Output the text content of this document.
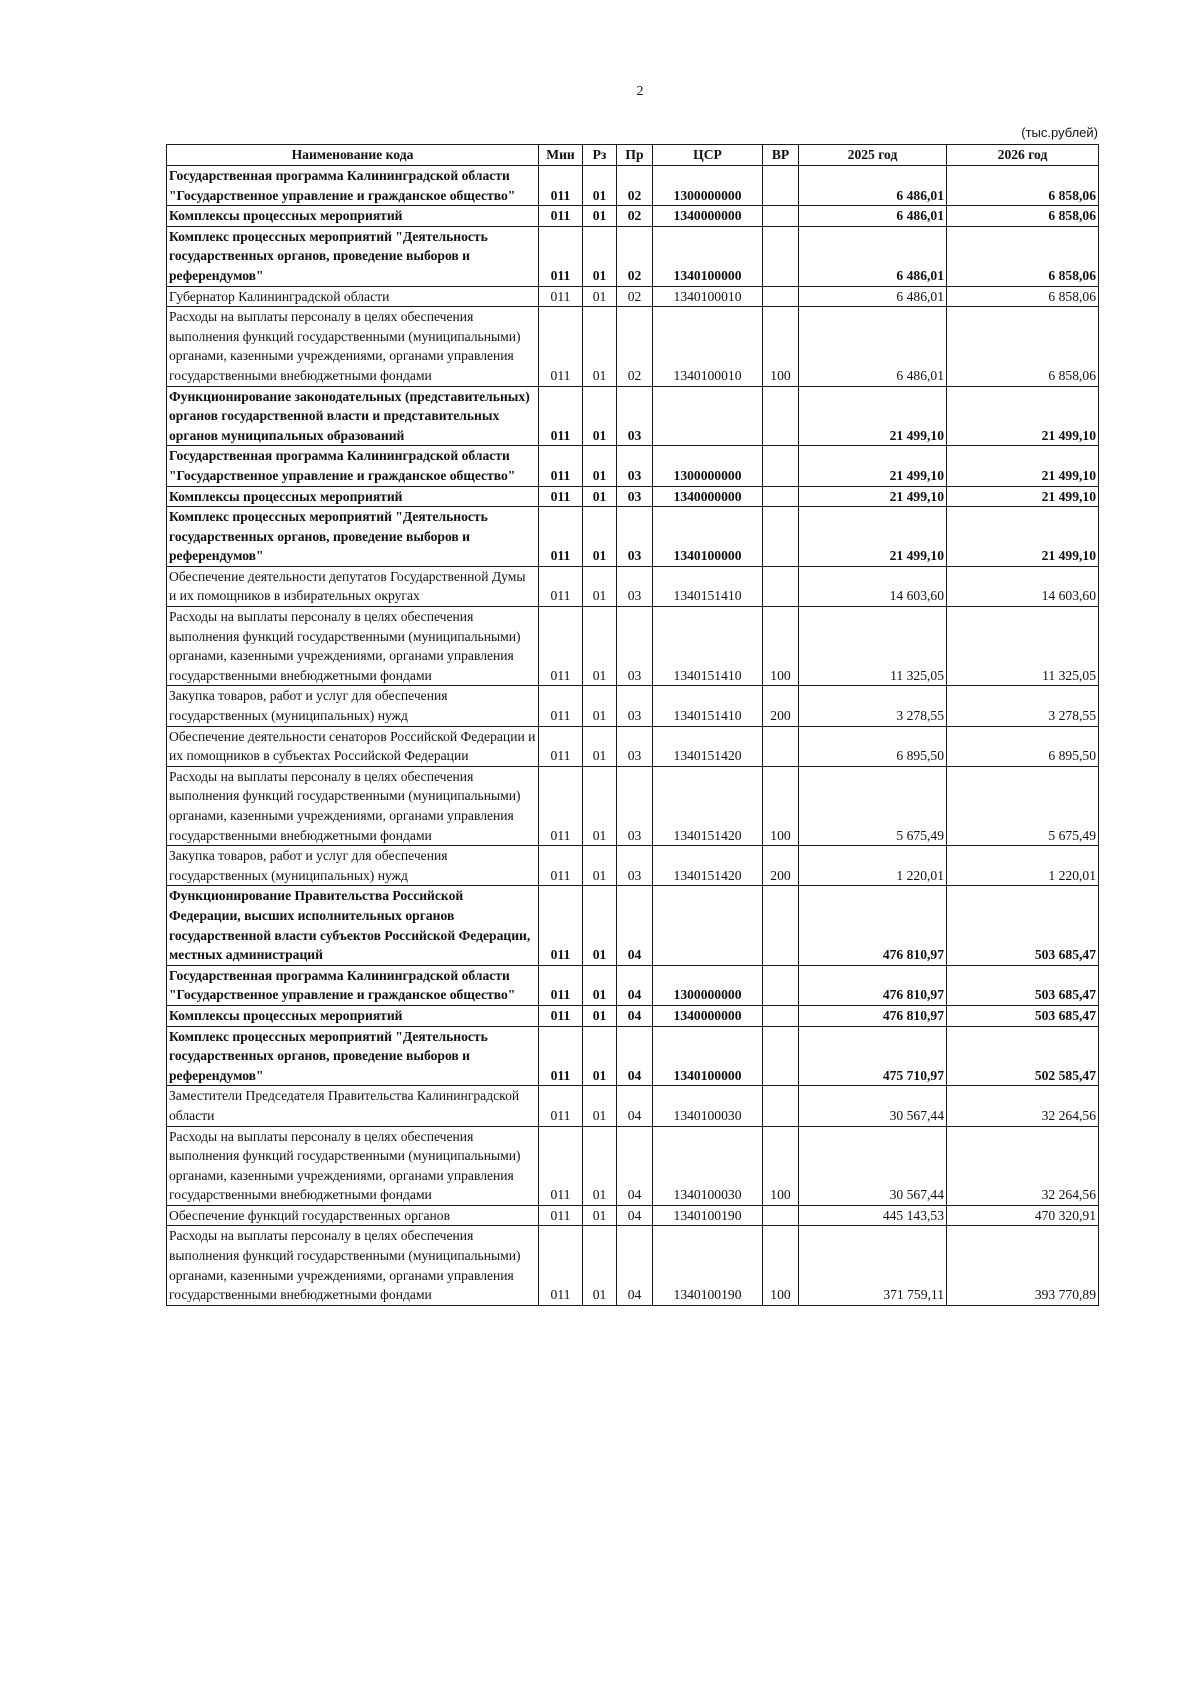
2
(тыс.рублей)
Наименование кода	Мин	Рз	Пр	ЦСР	ВР	2025 год	2026 год
Государственная программа Калининградской области "Государственное управление и гражданское общество"	011	01	02	1300000000		6 486,01	6 858,06
Комплексы процессных мероприятий	011	01	02	1340000000		6 486,01	6 858,06
Комплекс процессных мероприятий "Деятельность государственных органов, проведение выборов и референдумов"	011	01	02	1340100000		6 486,01	6 858,06
Губернатор Калининградской области	011	01	02	1340100010		6 486,01	6 858,06
Расходы на выплаты персоналу в целях обеспечения выполнения функций государственными (муниципальными) органами, казенными учреждениями, органами управления государственными внебюджетными фондами	011	01	02	1340100010	100	6 486,01	6 858,06
Функционирование законодательных (представительных) органов государственной власти и представительных органов муниципальных образований	011	01	03			21 499,10	21 499,10
Государственная программа Калининградской области "Государственное управление и гражданское общество"	011	01	03	1300000000		21 499,10	21 499,10
Комплексы процессных мероприятий	011	01	03	1340000000		21 499,10	21 499,10
Комплекс процессных мероприятий "Деятельность государственных органов, проведение выборов и референдумов"	011	01	03	1340100000		21 499,10	21 499,10
Обеспечение деятельности депутатов Государственной Думы и их помощников в избирательных округах	011	01	03	1340151410		14 603,60	14 603,60
Расходы на выплаты персоналу в целях обеспечения выполнения функций государственными (муниципальными) органами, казенными учреждениями, органами управления государственными внебюджетными фондами	011	01	03	1340151410	100	11 325,05	11 325,05
Закупка товаров, работ и услуг для обеспечения государственных (муниципальных) нужд	011	01	03	1340151410	200	3 278,55	3 278,55
Обеспечение деятельности сенаторов Российской Федерации и их помощников в субъектах Российской Федерации	011	01	03	1340151420		6 895,50	6 895,50
Расходы на выплаты персоналу в целях обеспечения выполнения функций государственными (муниципальными) органами, казенными учреждениями, органами управления государственными внебюджетными фондами	011	01	03	1340151420	100	5 675,49	5 675,49
Закупка товаров, работ и услуг для обеспечения государственных (муниципальных) нужд	011	01	03	1340151420	200	1 220,01	1 220,01
Функционирование Правительства Российской Федерации, высших исполнительных органов государственной власти субъектов Российской Федерации, местных администраций	011	01	04			476 810,97	503 685,47
Государственная программа Калининградской области "Государственное управление и гражданское общество"	011	01	04	1300000000		476 810,97	503 685,47
Комплексы процессных мероприятий	011	01	04	1340000000		476 810,97	503 685,47
Комплекс процессных мероприятий "Деятельность государственных органов, проведение выборов и референдумов"	011	01	04	1340100000		475 710,97	502 585,47
Заместители Председателя Правительства Калининградской области	011	01	04	1340100030		30 567,44	32 264,56
Расходы на выплаты персоналу в целях обеспечения выполнения функций государственными (муниципальными) органами, казенными учреждениями, органами управления государственными внебюджетными фондами	011	01	04	1340100030	100	30 567,44	32 264,56
Обеспечение функций государственных органов	011	01	04	1340100190		445 143,53	470 320,91
Расходы на выплаты персоналу в целях обеспечения выполнения функций государственными (муниципальными) органами, казенными учреждениями, органами управления государственными внебюджетными фондами	011	01	04	1340100190	100	371 759,11	393 770,89
